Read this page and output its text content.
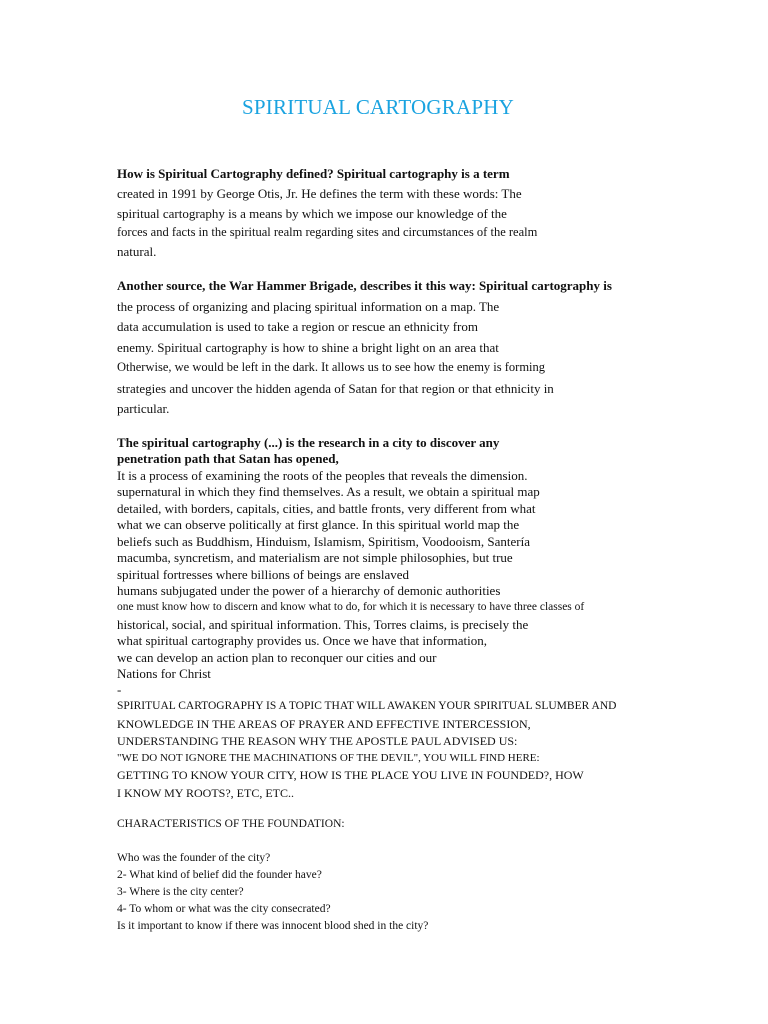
SPIRITUAL CARTOGRAPHY
How is Spiritual Cartography defined? Spiritual cartography is a term
created in 1991 by George Otis, Jr. He defines the term with these words: The
spiritual cartography is a means by which we impose our knowledge of the
forces and facts in the spiritual realm regarding sites and circumstances of the realm
natural.
Another source, the War Hammer Brigade, describes it this way: Spiritual cartography is
the process of organizing and placing spiritual information on a map. The
data accumulation is used to take a region or rescue an ethnicity from
enemy. Spiritual cartography is how to shine a bright light on an area that
Otherwise, we would be left in the dark. It allows us to see how the enemy is forming
strategies and uncover the hidden agenda of Satan for that region or that ethnicity in
particular.
The spiritual cartography (...) is the research in a city to discover any
penetration path that Satan has opened,
It is a process of examining the roots of the peoples that reveals the dimension.
supernatural in which they find themselves. As a result, we obtain a spiritual map
detailed, with borders, capitals, cities, and battle fronts, very different from what
what we can observe politically at first glance. In this spiritual world map the
beliefs such as Buddhism, Hinduism, Islamism, Spiritism, Voodooism, Santería
macumba, syncretism, and materialism are not simple philosophies, but true
spiritual fortresses where billions of beings are enslaved
humans subjugated under the power of a hierarchy of demonic authorities
one must know how to discern and know what to do, for which it is necessary to have three classes of
historical, social, and spiritual information. This, Torres claims, is precisely the
what spiritual cartography provides us. Once we have that information,
we can develop an action plan to reconquer our cities and our
Nations for Christ
-
SPIRITUAL CARTOGRAPHY IS A TOPIC THAT WILL AWAKEN YOUR SPIRITUAL SLUMBER AND
KNOWLEDGE IN THE AREAS OF PRAYER AND EFFECTIVE INTERCESSION,
UNDERSTANDING THE REASON WHY THE APOSTLE PAUL ADVISED US:
"WE DO NOT IGNORE THE MACHINATIONS OF THE DEVIL", YOU WILL FIND HERE:
GETTING TO KNOW YOUR CITY, HOW IS THE PLACE YOU LIVE IN FOUNDED?, HOW
I KNOW MY ROOTS?, ETC, ETC..
CHARACTERISTICS OF THE FOUNDATION:
Who was the founder of the city?
2- What kind of belief did the founder have?
3- Where is the city center?
4- To whom or what was the city consecrated?
Is it important to know if there was innocent blood shed in the city?
